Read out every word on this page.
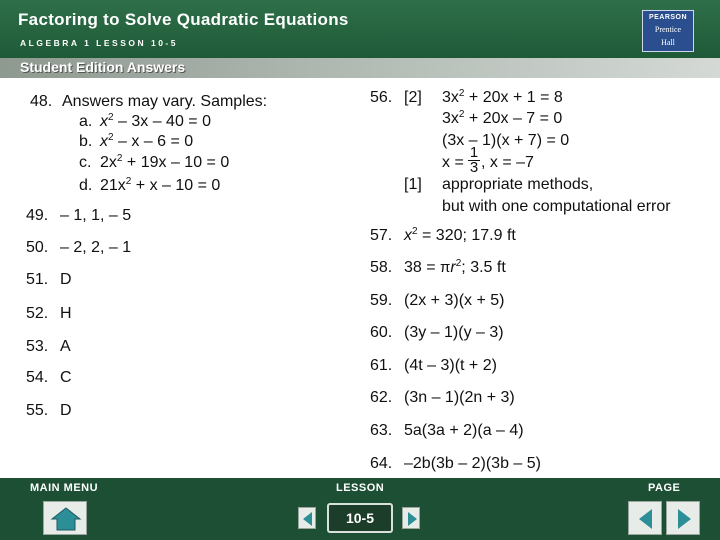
Factoring to Solve Quadratic Equations
ALGEBRA 1 LESSON 10-5
PEARSON
Prentice
Hall
Student Edition Answers
48. Answers may vary. Samples:
a. $x^2 - 3x - 40 = 0$
b. $x^2 - x - 6 = 0$
c. $2x^2 + 19x - 10 = 0$
d. $21x^2 + x - 10 = 0$
49. – 1, 1, – 5
50. – 2, 2, – 1
51. D
52. H
53. A
54. C
55. D
56. [2] $3x^2 + 20x + 1 = 8$
$3x^2 + 20x - 7 = 0$
(3x – 1)(x + 7) = 0
x =
1
3 , x = –7
[1] appropriate methods,
but with one computational error
57. $x^2 = 320$; 17.9 ft
58. $38 = \pi r^2$; 3.5 ft
59. (2x + 3)(x + 5)
60. (3y – 1)(y – 3)
61. (4t – 3)(t + 2)
62. (3n – 1)(2n + 3)
63. 5a(3a + 2)(a – 4)
64. –2b(3b – 2)(3b – 5)
MAIN MENU	LESSON	PAGE
10-5
